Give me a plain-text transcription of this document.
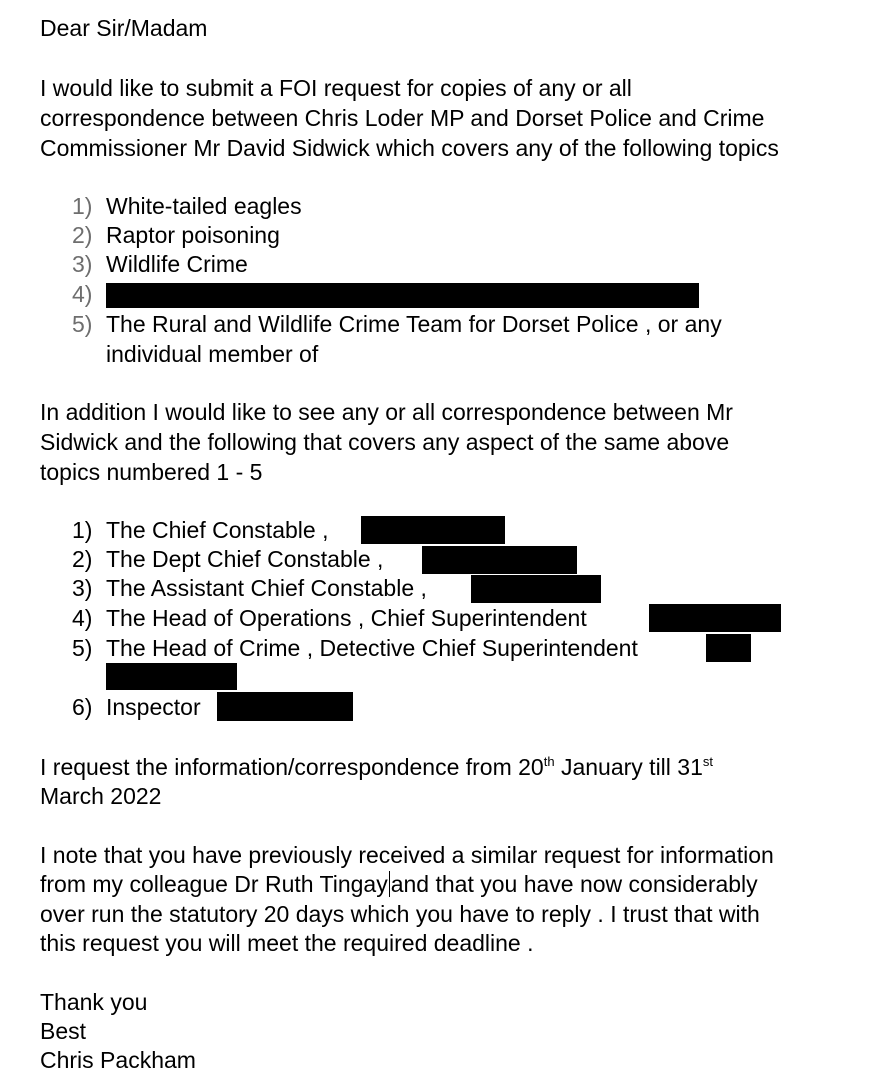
Dear Sir/Madam
I would like to submit a FOI request for copies of any or all
correspondence between Chris Loder MP and Dorset Police and Crime
Commissioner Mr David Sidwick which covers any of the following topics
1) White-tailed eagles
2) Raptor poisoning
3) Wildlife Crime
4)
5) The Rural and Wildlife Crime Team for Dorset Police , or any
individual member of
In addition I would like to see any or all correspondence between Mr
Sidwick and the following that covers any aspect of the same above
topics numbered 1 - 5
1) The Chief Constable ,
2) The Dept Chief Constable ,
3) The Assistant Chief Constable ,
4) The Head of Operations , Chief Superintendent
5) The Head of Crime , Detective Chief Superintendent
6) Inspector
I request the information/correspondence from 20th January till 31st
March 2022
I note that you have previously received a similar request for information
from my colleague Dr Ruth Tingay and that you have now considerably
over run the statutory 20 days which you have to reply . I trust that with
this request you will meet the required deadline .
Thank you
Best
Chris Packham
